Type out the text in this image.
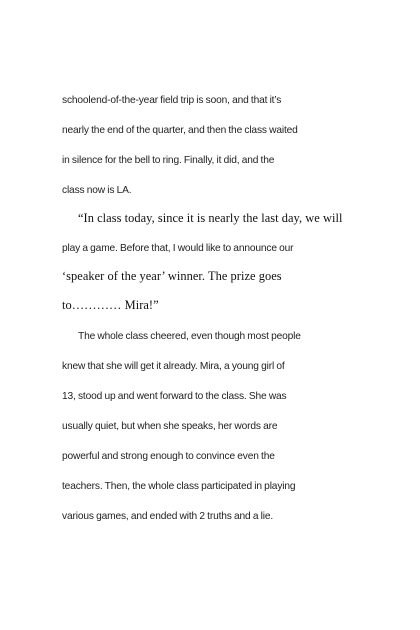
schoolend-of-the-year field trip is soon, and that it’s
nearly the end of the quarter, and then the class waited
in silence for the bell to ring. Finally, it did, and the
class now is LA.
“In class today, since it is nearly the last day, we will
play a game. Before that, I would like to announce our
‘speaker of the year’ winner. The prize goes
to………… Mira!”
The whole class cheered, even though most people
knew that she will get it already. Mira, a young girl of
13, stood up and went forward to the class. She was
usually quiet, but when she speaks, her words are
powerful and strong enough to convince even the
teachers. Then, the whole class participated in playing
various games, and ended with 2 truths and a lie.
